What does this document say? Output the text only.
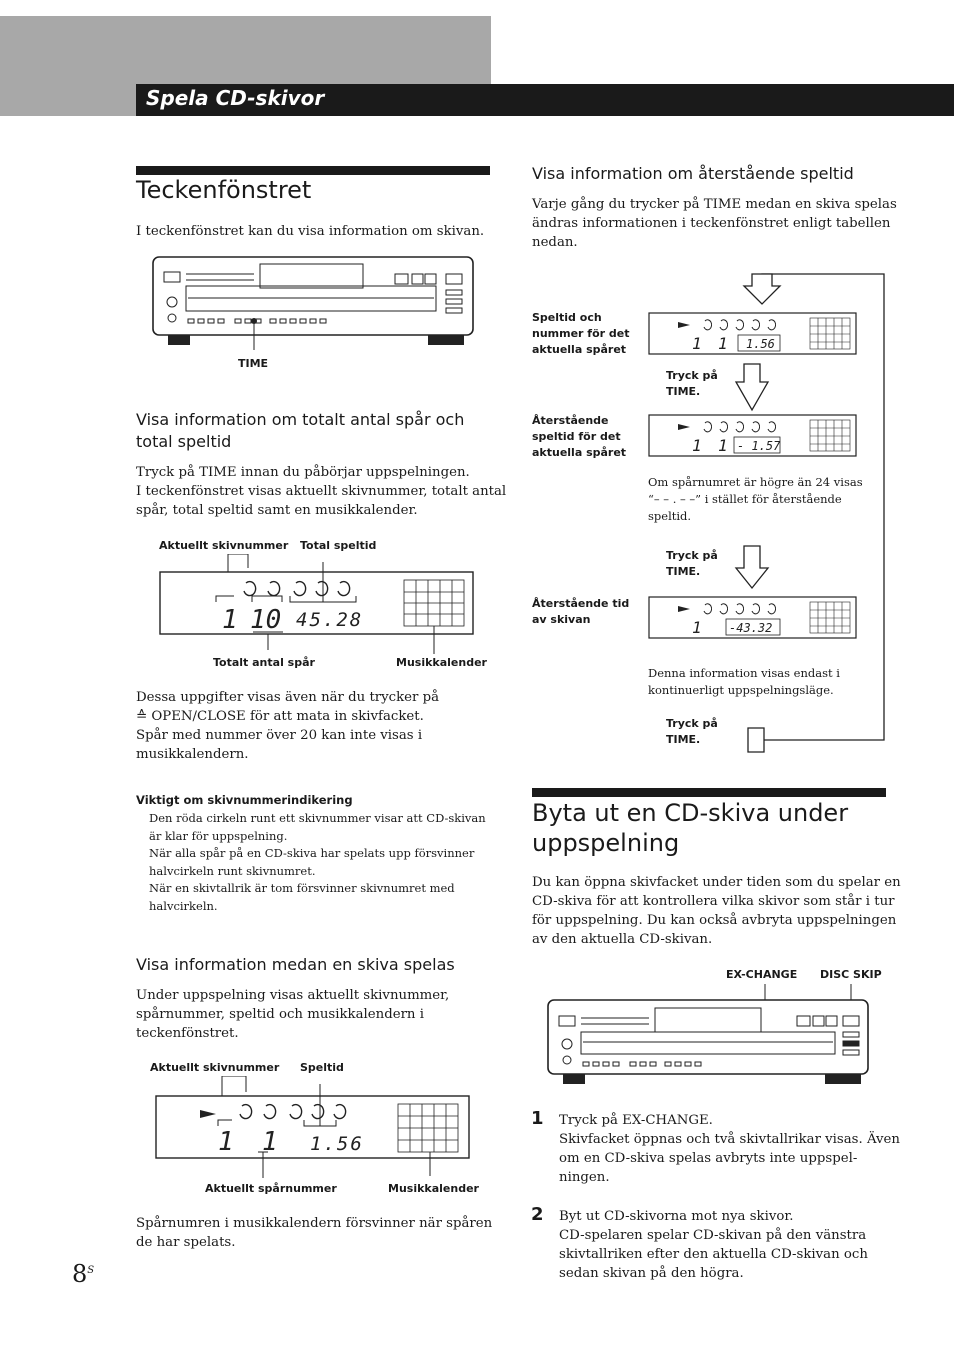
Spela CD-skivor
Teckenfönstret
I teckenfönstret kan du visa information om skivan.
TIME
Visa information om totalt antal spår och
total speltid
Tryck på TIME innan du påbörjar uppspelningen.
I teckenfönstret visas aktuellt skivnummer, totalt antal
spår, total speltid samt en musikkalender.
Aktuellt skivnummer Total speltid
1 10 45.28
Totalt antal spår	Musikkalender
Dessa uppgifter visas även när du trycker på
≙ OPEN/CLOSE för att mata in skivfacket.
Spår med nummer över 20 kan inte visas i
musikkalendern.
Viktigt om skivnummerindikering
Den röda cirkeln runt ett skivnummer visar att CD-skivan
är klar för uppspelning.
När alla spår på en CD-skiva har spelats upp försvinner
halvcirkeln runt skivnumret.
När en skivtallrik är tom försvinner skivnumret med
halvcirkeln.
Visa information medan en skiva spelas
Under uppspelning visas aktuellt skivnummer,
spårnummer, speltid och musikkalendern i
teckenfönstret.
Aktuellt skivnummer Speltid
1 1 1.56
Aktuellt spårnummer	Musikkalender
Spårnumren i musikkalendern försvinner när spåren
de har spelats.
$8^S$
Visa information om återstående speltid
Varje gång du trycker på TIME medan en skiva spelas
ändras informationen i teckenfönstret enligt tabellen
nedan.
Speltid och
nummer för det
aktuella spåret
Återstående
speltid för det
aktuella spåret
Återstående tid
av skivan
Tryck på
TIME.
Tryck på
TIME.
Tryck på
TIME.
1 1 1.56
1 1 - 1.57
Om spårnumret är högre än 24 visas
“– – . – –” i stället för återstående
speltid.
1 -43.32
Denna information visas endast i
kontinuerligt uppspelningsläge.
Byta ut en CD-skiva under
uppspelning
Du kan öppna skivfacket under tiden som du spelar en
CD-skiva för att kontrollera vilka skivor som står i tur
för uppspelning. Du kan också avbryta uppspelningen
av den aktuella CD-skivan.
EX-CHANGE DISC SKIP
1 Tryck på EX-CHANGE.
Skivfacket öppnas och två skivtallrikar visas. Även
om en CD-skiva spelas avbryts inte uppspel-
ningen.
2 Byt ut CD-skivorna mot nya skivor.
CD-spelaren spelar CD-skivan på den vänstra
skivtallriken efter den aktuella CD-skivan och
sedan skivan på den högra.
